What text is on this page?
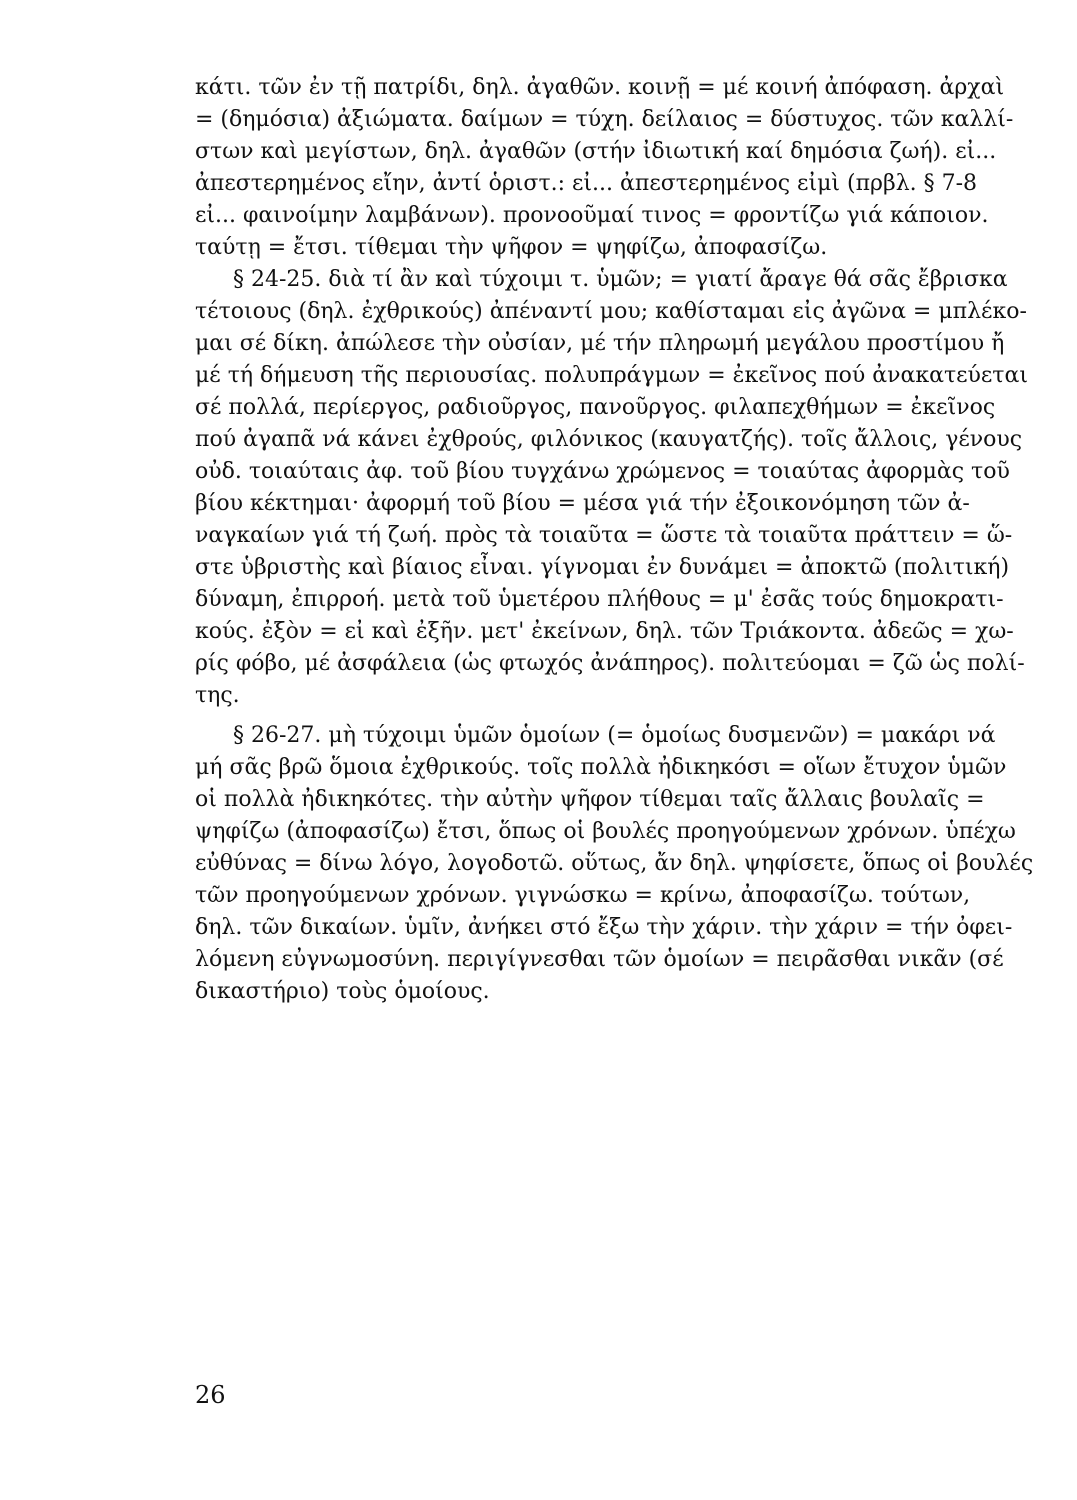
κάτι. τῶν ἐν τῇ πατρίδι, δηλ. ἀγαθῶν. κοινῇ = μέ κοινή ἀπόφαση. ἀρχαὶ
= (δημόσια) ἀξιώματα. δαίμων = τύχη. δείλαιος = δύστυχος. τῶν καλλί-
στων καὶ μεγίστων, δηλ. ἀγαθῶν (στήν ἰδιωτική καί δημόσια ζωή). εἰ...
ἀπεστερημένος εἴην, ἀντί ὁριστ.: εἰ... ἀπεστερημένος εἰμὶ (πρβλ. § 7-8
εἰ... φαινοίμην λαμβάνων). προνοοῦμαί τινος = φροντίζω γιά κάποιον.
ταύτῃ = ἔτσι. τίθεμαι τὴν ψῆφον = ψηφίζω, ἀποφασίζω.
§ 24-25. διὰ τί ἂν καὶ τύχοιμι τ. ὑμῶν; = γιατί ἄραγε θά σᾶς ἔβρισκα
τέτοιους (δηλ. ἐχθρικούς) ἀπέναντί μου; καθίσταμαι εἰς ἀγῶνα = μπλέκο-
μαι σέ δίκη. ἀπώλεσε τὴν οὐσίαν, μέ τήν πληρωμή μεγάλου προστίμου ἤ
μέ τή δήμευση τῆς περιουσίας. πολυπράγμων = ἐκεῖνος πού ἀνακατεύεται
σέ πολλά, περίεργος, ραδιοῦργος, πανοῦργος. φιλαπεχθήμων = ἐκεῖνος
πού ἀγαπᾶ νά κάνει ἐχθρούς, φιλόνικος (καυγατζής). τοῖς ἄλλοις, γένους
οὐδ. τοιαύταις ἀφ. τοῦ βίου τυγχάνω χρώμενος = τοιαύτας ἀφορμὰς τοῦ
βίου κέκτημαι· ἀφορμή τοῦ βίου = μέσα γιά τήν ἐξοικονόμηση τῶν ἀ-
ναγκαίων γιά τή ζωή. πρὸς τὰ τοιαῦτα = ὥστε τὰ τοιαῦτα πράττειν = ὥ-
στε ὑβριστὴς καὶ βίαιος εἶναι. γίγνομαι ἐν δυνάμει = ἀποκτῶ (πολιτική)
δύναμη, ἐπιρροή. μετὰ τοῦ ὑμετέρου πλήθους = μ' ἐσᾶς τούς δημοκρατι-
κούς. ἐξὸν = εἰ καὶ ἐξῆν. μετ' ἐκείνων, δηλ. τῶν Τριάκοντα. ἀδεῶς = χω-
ρίς φόβο, μέ ἀσφάλεια (ὡς φτωχός ἀνάπηρος). πολιτεύομαι = ζῶ ὡς πολί-
της.
§ 26-27. μὴ τύχοιμι ὑμῶν ὁμοίων (= ὁμοίως δυσμενῶν) = μακάρι νά
μή σᾶς βρῶ ὅμοια ἐχθρικούς. τοῖς πολλὰ ἠδικηκόσι = οἵων ἔτυχον ὑμῶν
οἱ πολλὰ ἠδικηκότες. τὴν αὐτὴν ψῆφον τίθεμαι ταῖς ἄλλαις βουλαῖς =
ψηφίζω (ἀποφασίζω) ἔτσι, ὅπως οἱ βουλές προηγούμενων χρόνων. ὑπέχω
εὐθύνας = δίνω λόγο, λογοδοτῶ. οὕτως, ἄν δηλ. ψηφίσετε, ὅπως οἱ βουλές
τῶν προηγούμενων χρόνων. γιγνώσκω = κρίνω, ἀποφασίζω. τούτων,
δηλ. τῶν δικαίων. ὑμῖν, ἀνήκει στό ἔξω τὴν χάριν. τὴν χάριν = τήν ὀφει-
λόμενη εὐγνωμοσύνη. περιγίγνεσθαι τῶν ὁμοίων = πειρᾶσθαι νικᾶν (σέ
δικαστήριο) τοὺς ὁμοίους.
26
